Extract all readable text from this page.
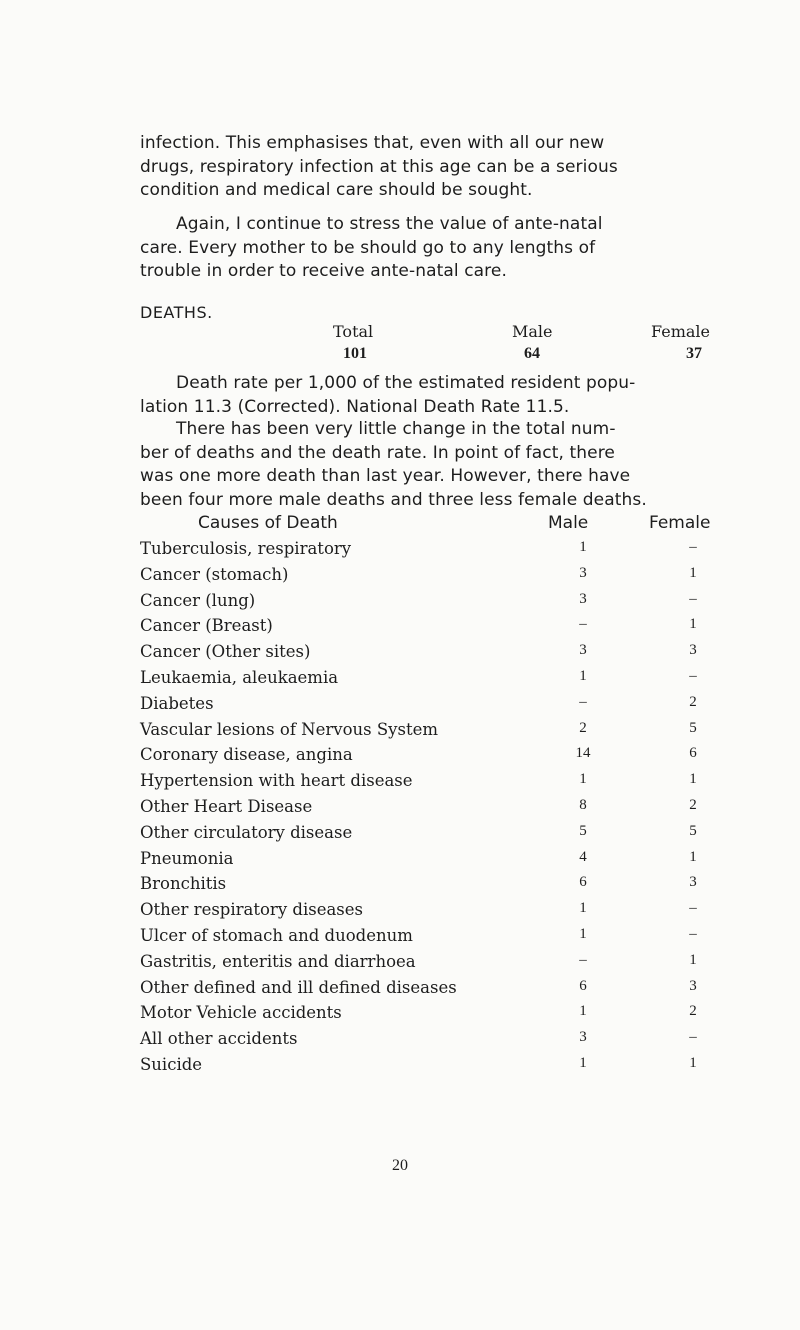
infection. This emphasises that, even with all our new
drugs, respiratory infection at this age can be a serious
condition and medical care should be sought.
Again, I continue to stress the value of ante-natal
care. Every mother to be should go to any lengths of
trouble in order to receive ante-natal care.
DEATHS.
Total	Male	Female
101	64	37
Death rate per 1,000 of the estimated resident popu-
lation 11.3 (Corrected). National Death Rate 11.5.
There has been very little change in the total num-
ber of deaths and the death rate. In point of fact, there
was one more death than last year. However, there have
been four more male deaths and three less female deaths.
Causes of Death	Male	Female
Tuberculosis, respiratory	1	–
Cancer (stomach)	3	1
Cancer (lung)	3	–
Cancer (Breast)	–	1
Cancer (Other sites)	3	3
Leukaemia, aleukaemia	1	–
Diabetes	–	2
Vascular lesions of Nervous System	2	5
Coronary disease, angina	14	6
Hypertension with heart disease	1	1
Other Heart Disease	8	2
Other circulatory disease	5	5
Pneumonia	4	1
Bronchitis	6	3
Other respiratory diseases	1	–
Ulcer of stomach and duodenum	1	–
Gastritis, enteritis and diarrhoea	–	1
Other defined and ill defined diseases	6	3
Motor Vehicle accidents	1	2
All other accidents	3	–
Suicide	1	1
20
